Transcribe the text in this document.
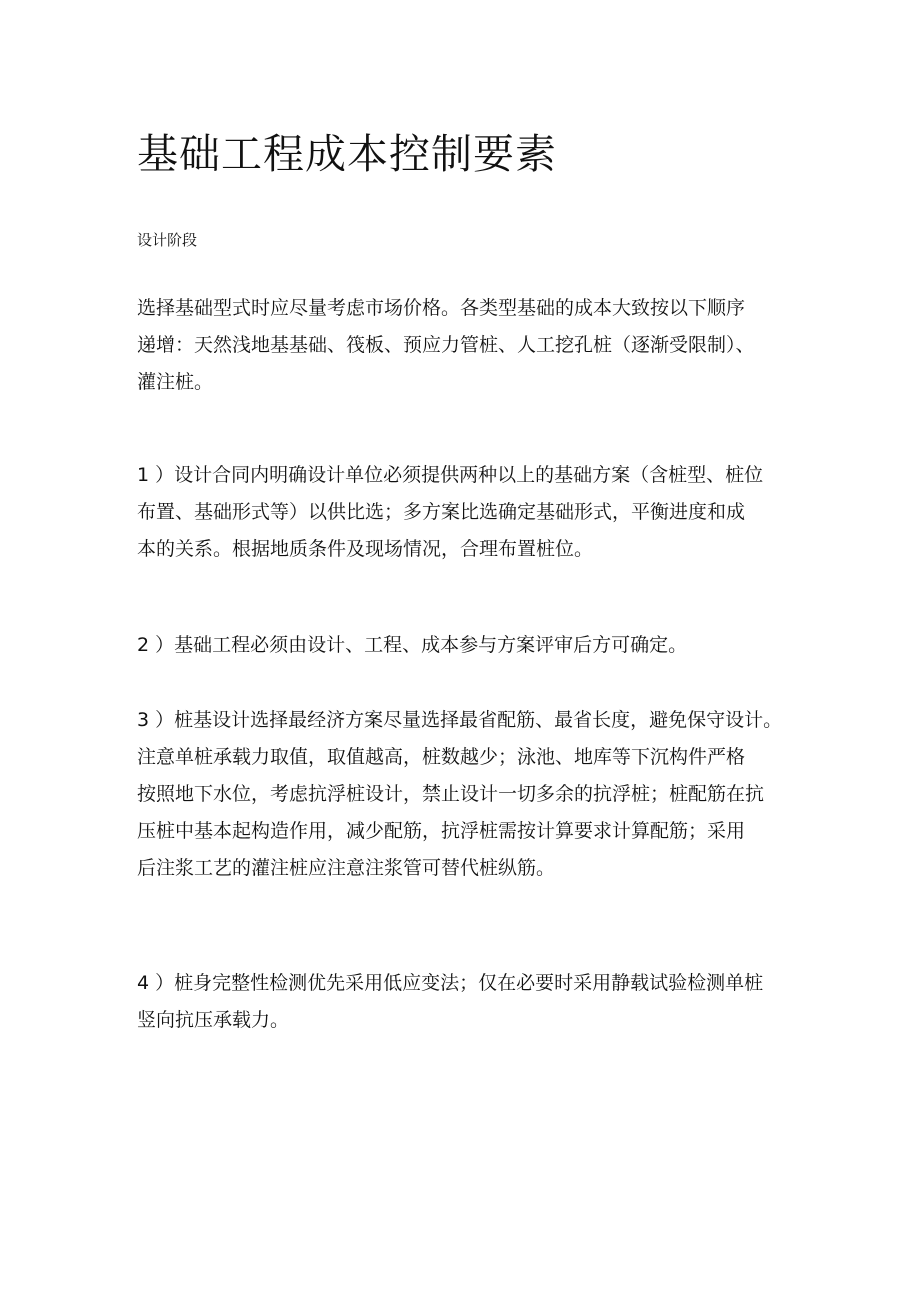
基础工程成本控制要素

设计阶段

选择基础型式时应尽量考虑市场价格。各类型基础的成本大致按以下顺序
递增：天然浅地基基础、筏板、预应力管桩、人工挖孔桩（逐渐受限制）、
灌注桩。

1 ）设计合同内明确设计单位必须提供两种以上的基础方案（含桩型、桩位
布置、基础形式等）以供比选；多方案比选确定基础形式，平衡进度和成
本的关系。根据地质条件及现场情况，合理布置桩位。

2 ）基础工程必须由设计、工程、成本参与方案评审后方可确定。

3 ）桩基设计选择最经济方案尽量选择最省配筋、最省长度，避免保守设计。
注意单桩承载力取值，取值越高，桩数越少；泳池、地库等下沉构件严格
按照地下水位，考虑抗浮桩设计，禁止设计一切多余的抗浮桩；桩配筋在抗
压桩中基本起构造作用，减少配筋，抗浮桩需按计算要求计算配筋；采用
后注浆工艺的灌注桩应注意注浆管可替代桩纵筋。

4 ）桩身完整性检测优先采用低应变法；仅在必要时采用静载试验检测单桩
竖向抗压承载力。
